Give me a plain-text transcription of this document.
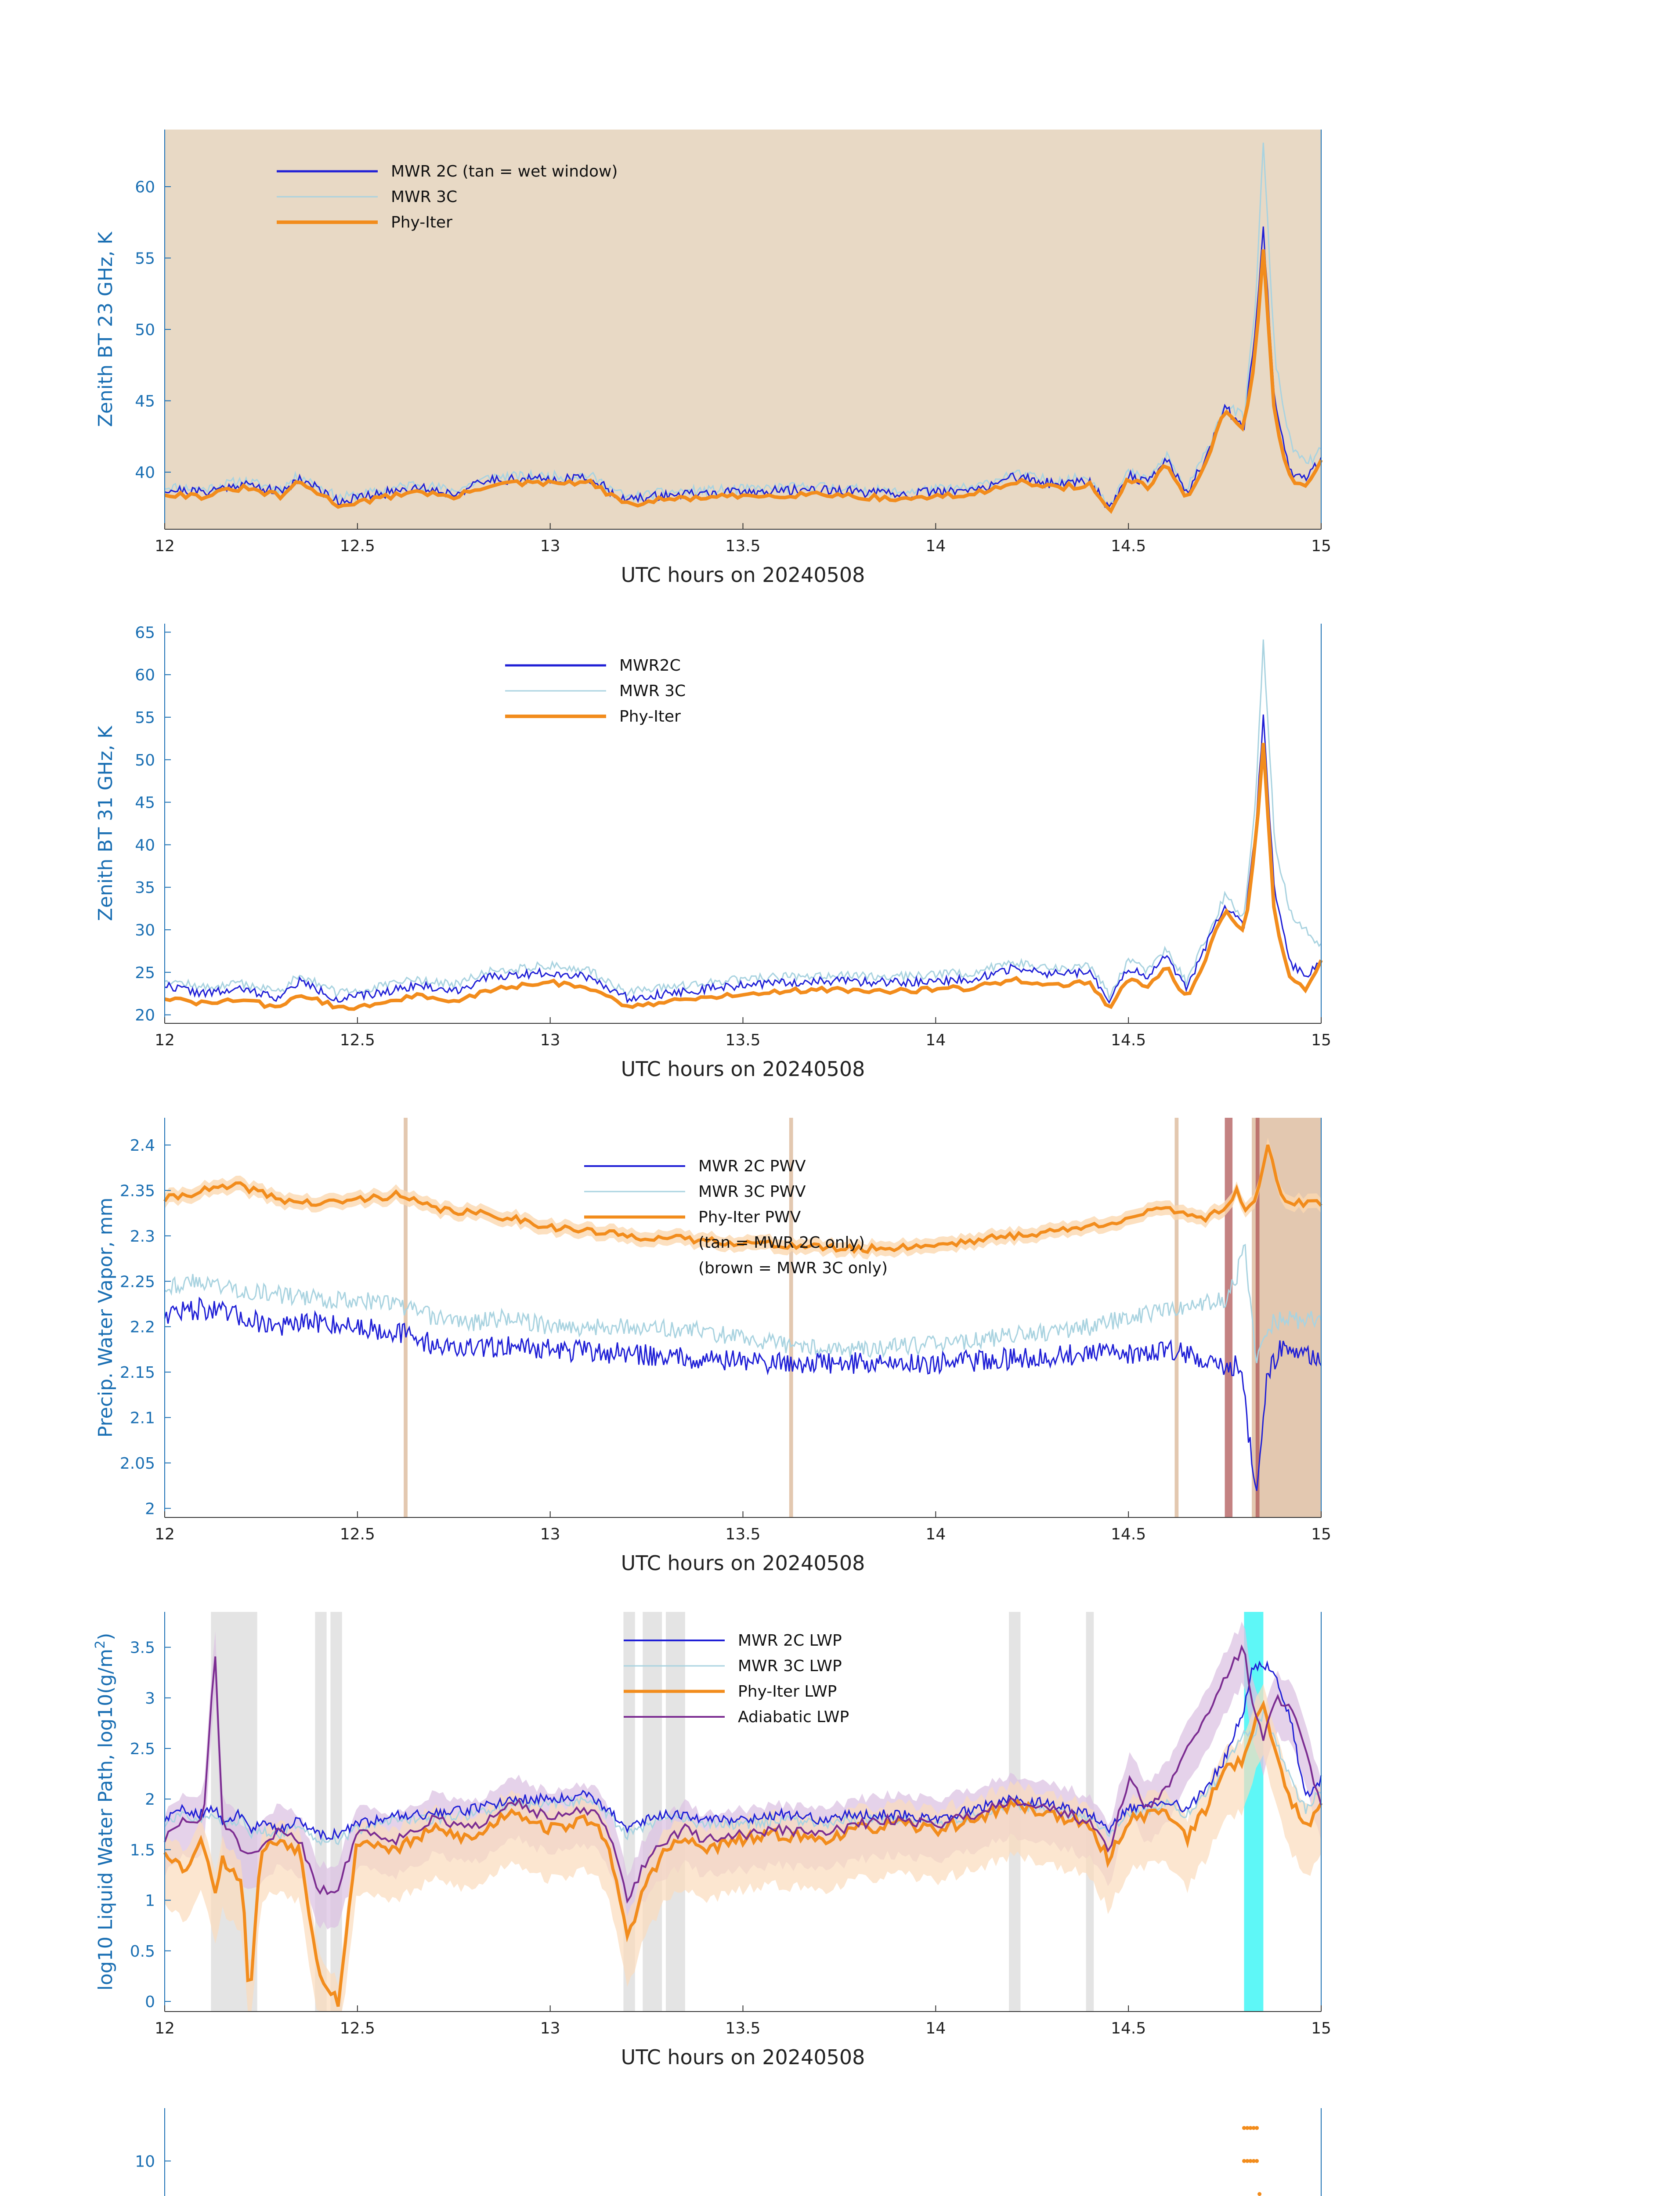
MWR 2C (tan = wet window)
MWR 3C
Phy-Iter
12	12.5	13	13.5	14	14.5	15
40
45
50
55
60
UTC hours on 20240508
Zenith BT 23 GHz, K
MWR2C
MWR 3C
Phy-Iter
12	12.5	13	13.5	14	14.5	15
20
25
30
35
40
45
50
55
60
65
UTC hours on 20240508
Zenith BT 31 GHz, K
MWR 2C PWV
MWR 3C PWV
Phy-Iter PWV
(tan = MWR 2C only)
(brown = MWR 3C only)
12	12.5	13	13.5	14	14.5	15
2
2.05
2.1
2.15
2.2
2.25
2.3
2.35
2.4
UTC hours on 20240508
Precip. Water Vapor, mm
MWR 2C LWP
MWR 3C LWP
Phy-Iter LWP
Adiabatic LWP
12	12.5	13	13.5	14	14.5	15
0
0.5
1
1.5
2
2.5
3
3.5
UTC hours on 20240508
log10 Liquid Water Path, $\log 10(g/m^2)$
10
